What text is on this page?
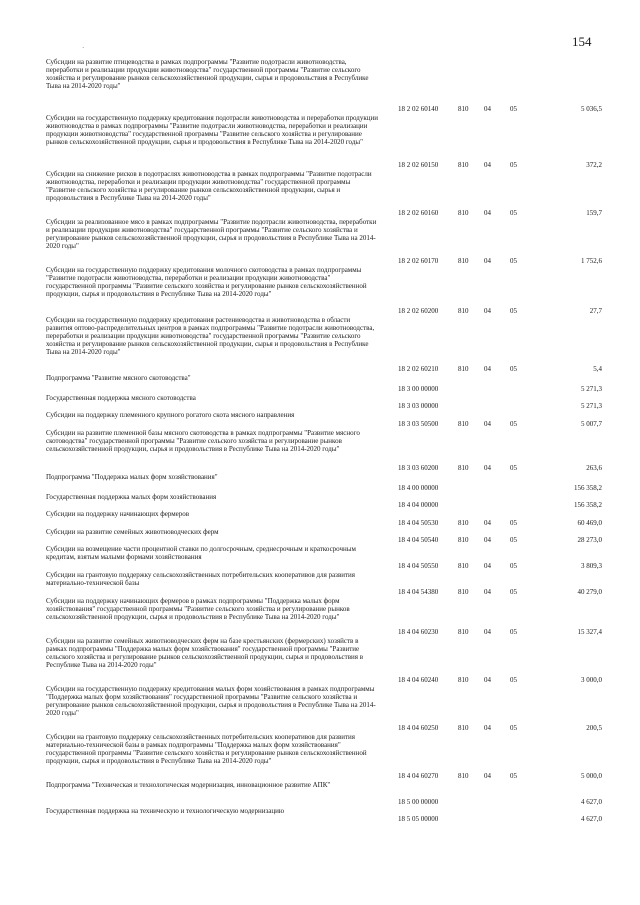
154
·
Субсидии на развитие птицеводства в рамках подпрограммы "Развитие подотрасли животноводства, переработки и реализации продукции животноводства" государственной программы "Развитие сельского хозяйства и регулирование рынков сельскохозяйственной продукции, сырья и продовольствия в Республике Тыва на 2014-2020 годы"
18 2 02 60140	810 04	05	5 036,5
Субсидии на государственную поддержку кредитования подотрасли животноводства и переработки продукции животноводства в рамках подпрограммы "Развитие подотрасли животноводства, переработки и реализации продукции животноводства" государственной программы "Развитие сельского хозяйства и регулирование рынков сельскохозяйственной продукции, сырья и продовольствия в Республике Тыва на 2014-2020 годы"
18 2 02 60150	810 04	05	372,2
Субсидии на снижение рисков в подотраслях животноводства в рамках подпрограммы "Развитие подотрасли животноводства, переработки и реализации продукции животноводства" государственной программы "Развитие сельского хозяйства и регулирование рынков сельскохозяйственной продукции, сырья и продовольствия в Республике Тыва на 2014-2020 годы"
18 2 02 60160	810 04	05	159,7
Субсидии за реализованное мясо в рамках подпрограммы "Развитие подотрасли животноводства, переработки и реализации продукции животноводства" государственной программы "Развитие сельского хозяйства и регулирование рынков сельскохозяйственной продукции, сырья и продовольствия в Республике Тыва на 2014-2020 годы"
18 2 02 60170	810 04	05	1 752,6
Субсидии на государственную поддержку кредитования молочного скотоводства в рамках подпрограммы "Развитие подотрасли животноводства, переработки и реализации продукции животноводства" государственной программы "Развитие сельского хозяйства и регулирование рынков сельскохозяйственной продукции, сырья и продовольствия в Республике Тыва на 2014-2020 годы"
18 2 02 60200	810 04	05	27,7
Субсидии на государственную поддержку кредитования растениеводства и животноводства в области развития оптово-распределительных центров в рамках подпрограммы "Развитие подотрасли животноводства, переработки и реализации продукции животноводства" государственной программы "Развитие сельского хозяйства и регулирование рынков сельскохозяйственной продукции, сырья и продовольствия в Республике Тыва на 2014-2020 годы"
18 2 02 60210	810 04	05	5,4
Подпрограмма "Развитие мясного скотоводства"
18 3 00 00000	5 271,3
Государственная поддержка мясного скотоводства
18 3 03 00000	5 271,3
Субсидии на поддержку племенного крупного рогатого скота мясного направления
18 3 03 50500	810 04	05	5 007,7
Субсидии на развитие племенной базы мясного скотоводства в рамках подпрограммы "Развитие мясного скотоводства" государственной программы "Развитие сельского хозяйства и регулирование рынков сельскохозяйственной продукции, сырья и продовольствия в Республике Тыва на 2014-2020 годы"
18 3 03 60200	810 04	05	263,6
Подпрограмма "Поддержка малых форм хозяйствования"
18 4 00 00000	156 358,2
Государственная поддержка малых форм хозяйствования
18 4 04 00000	156 358,2
Субсидии на поддержку начинающих фермеров
18 4 04 50530	810 04	05	60 469,0
Субсидии на развитие семейных животноводческих ферм
18 4 04 50540	810 04	05	28 273,0
Субсидии на возмещение части процентной ставки по долгосрочным, среднесрочным и краткосрочным кредитам, взятым малыми формами хозяйствования
18 4 04 50550	810 04	05	3 809,3
Субсидии на грантовую поддержку сельскохозяйственных потребительских кооперативов для развития материально-технической базы
18 4 04 54380	810 04	05	40 279,0
Субсидии на поддержку начинающих фермеров в рамках подпрограммы "Поддержка малых форм хозяйствования" государственной программы "Развитие сельского хозяйства и регулирование рынков сельскохозяйственной продукции, сырья и продовольствия в Республике Тыва на 2014-2020 годы"
18 4 04 60230	810 04	05	15 327,4
Субсидии на развитие семейных животноводческих ферм на базе крестьянских (фермерских) хозяйств в рамках подпрограммы "Поддержка малых форм хозяйствования" государственной программы "Развитие сельского хозяйства и регулирование рынков сельскохозяйственной продукции, сырья и продовольствия в Республике Тыва на 2014-2020 годы"
18 4 04 60240	810 04	05	3 000,0
Субсидии на государственную поддержку кредитования малых форм хозяйствования в рамках подпрограммы "Поддержка малых форм хозяйствования" государственной программы "Развитие сельского хозяйства и регулирование рынков сельскохозяйственной продукции, сырья и продовольствия в Республике Тыва на 2014-2020 годы"
18 4 04 60250	810 04	05	200,5
Субсидии на грантовую поддержку сельскохозяйственных потребительских кооперативов для развития материально-технической базы в рамках подпрограммы "Поддержка малых форм хозяйствования" государственной программы "Развитие сельского хозяйства и регулирование рынков сельскохозяйственной продукции, сырья и продовольствия в Республике Тыва на 2014-2020 годы"
18 4 04 60270	810 04	05	5 000,0
Подпрограмма "Техническая и технологическая модернизация, инновационное развитие АПК"
18 5 00 00000	4 627,0
Государственная поддержка на техническую и технологическую модернизацию
18 5 05 00000	4 627,0
